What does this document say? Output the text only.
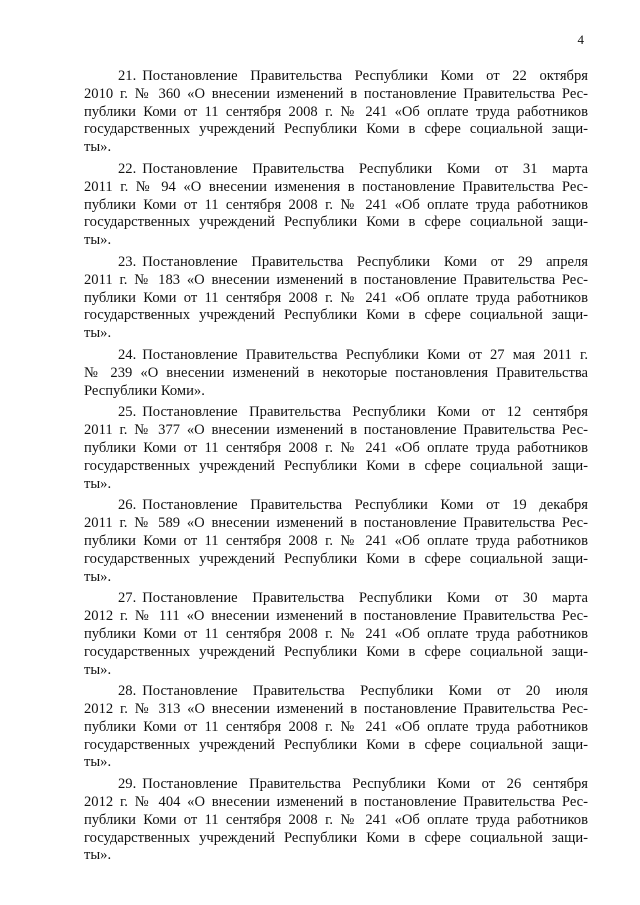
4

21. Постановление Правительства Республики Коми от 22 октября
2010 г. № 360 «О внесении изменений в постановление Правительства Рес-
публики Коми от 11 сентября 2008 г. № 241 «Об оплате труда работников
государственных учреждений Республики Коми в сфере социальной защи-
ты».

22. Постановление Правительства Республики Коми от 31 марта
2011 г. № 94 «О внесении изменения в постановление Правительства Рес-
публики Коми от 11 сентября 2008 г. № 241 «Об оплате труда работников
государственных учреждений Республики Коми в сфере социальной защи-
ты».

23. Постановление Правительства Республики Коми от 29 апреля
2011 г. № 183 «О внесении изменений в постановление Правительства Рес-
публики Коми от 11 сентября 2008 г. № 241 «Об оплате труда работников
государственных учреждений Республики Коми в сфере социальной защи-
ты».

24. Постановление Правительства Республики Коми от 27 мая 2011 г.
№ 239 «О внесении изменений в некоторые постановления Правительства
Республики Коми».

25. Постановление Правительства Республики Коми от 12 сентября
2011 г. № 377 «О внесении изменений в постановление Правительства Рес-
публики Коми от 11 сентября 2008 г. № 241 «Об оплате труда работников
государственных учреждений Республики Коми в сфере социальной защи-
ты».

26. Постановление Правительства Республики Коми от 19 декабря
2011 г. № 589 «О внесении изменений в постановление Правительства Рес-
публики Коми от 11 сентября 2008 г. № 241 «Об оплате труда работников
государственных учреждений Республики Коми в сфере социальной защи-
ты».

27. Постановление Правительства Республики Коми от 30 марта
2012 г. № 111 «О внесении изменений в постановление Правительства Рес-
публики Коми от 11 сентября 2008 г. № 241 «Об оплате труда работников
государственных учреждений Республики Коми в сфере социальной защи-
ты».

28. Постановление Правительства Республики Коми от 20 июля
2012 г. № 313 «О внесении изменений в постановление Правительства Рес-
публики Коми от 11 сентября 2008 г. № 241 «Об оплате труда работников
государственных учреждений Республики Коми в сфере социальной защи-
ты».

29. Постановление Правительства Республики Коми от 26 сентября
2012 г. № 404 «О внесении изменений в постановление Правительства Рес-
публики Коми от 11 сентября 2008 г. № 241 «Об оплате труда работников
государственных учреждений Республики Коми в сфере социальной защи-
ты».
